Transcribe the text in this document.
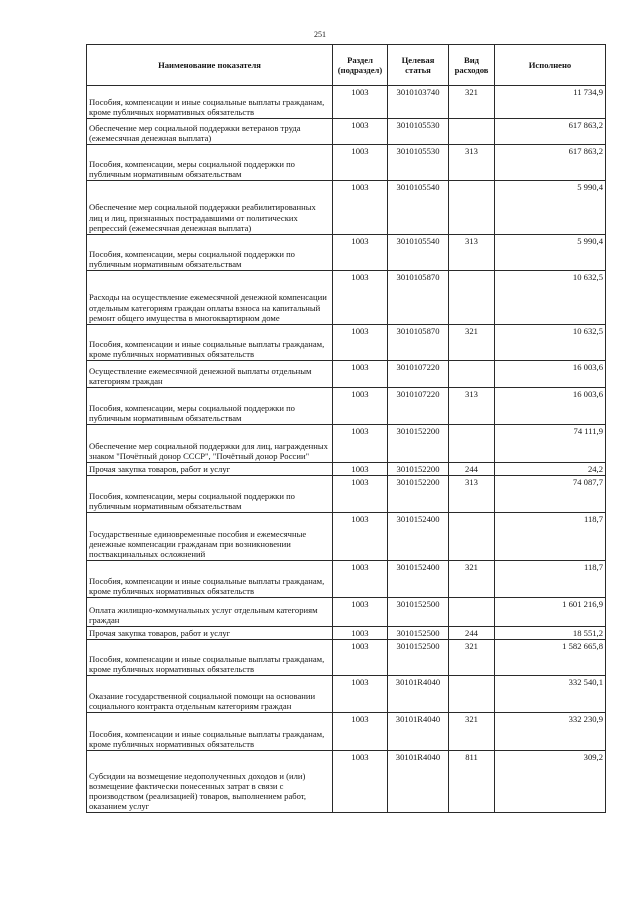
251
Наименование показателя	Раздел (подраздел)	Целевая статья	Вид расходов	Исполнено
Пособия, компенсации и иные социальные выплаты гражданам, кроме публичных нормативных обязательств	1003	3010103740	321	11 734,9
Обеспечение мер социальной поддержки ветеранов труда (ежемесячная денежная выплата)	1003	3010105530		617 863,2
Пособия, компенсации, меры социальной поддержки по публичным нормативным обязательствам	1003	3010105530	313	617 863,2
Обеспечение мер социальной поддержки реабилитированных лиц и лиц, признанных пострадавшими от политических репрессий (ежемесячная денежная выплата)	1003	3010105540		5 990,4
Пособия, компенсации, меры социальной поддержки по публичным нормативным обязательствам	1003	3010105540	313	5 990,4
Расходы на осуществление ежемесячной денежной компенсации отдельным категориям граждан оплаты взноса на капитальный ремонт общего имущества в многоквартирном доме	1003	3010105870		10 632,5
Пособия, компенсации и иные социальные выплаты гражданам, кроме публичных нормативных обязательств	1003	3010105870	321	10 632,5
Осуществление ежемесячной денежной выплаты отдельным категориям граждан	1003	3010107220		16 003,6
Пособия, компенсации, меры социальной поддержки по публичным нормативным обязательствам	1003	3010107220	313	16 003,6
Обеспечение мер социальной поддержки для лиц, награжденных знаком "Почётный донор СССР", "Почётный донор России"	1003	3010152200		74 111,9
Прочая закупка товаров, работ и услуг	1003	3010152200	244	24,2
Пособия, компенсации, меры социальной поддержки по публичным нормативным обязательствам	1003	3010152200	313	74 087,7
Государственные единовременные пособия и ежемесячные денежные компенсации гражданам при возникновении поствакцинальных осложнений	1003	3010152400		118,7
Пособия, компенсации и иные социальные выплаты гражданам, кроме публичных нормативных обязательств	1003	3010152400	321	118,7
Оплата жилищно-коммунальных услуг отдельным категориям граждан	1003	3010152500		1 601 216,9
Прочая закупка товаров, работ и услуг	1003	3010152500	244	18 551,2
Пособия, компенсации и иные социальные выплаты гражданам, кроме публичных нормативных обязательств	1003	3010152500	321	1 582 665,8
Оказание государственной социальной помощи на основании социального контракта отдельным категориям граждан	1003	30101R4040		332 540,1
Пособия, компенсации и иные социальные выплаты гражданам, кроме публичных нормативных обязательств	1003	30101R4040	321	332 230,9
Субсидии на возмещение недополученных доходов и (или) возмещение фактически понесенных затрат в связи с производством (реализацией) товаров, выполнением работ, оказанием услуг	1003	30101R4040	811	309,2
